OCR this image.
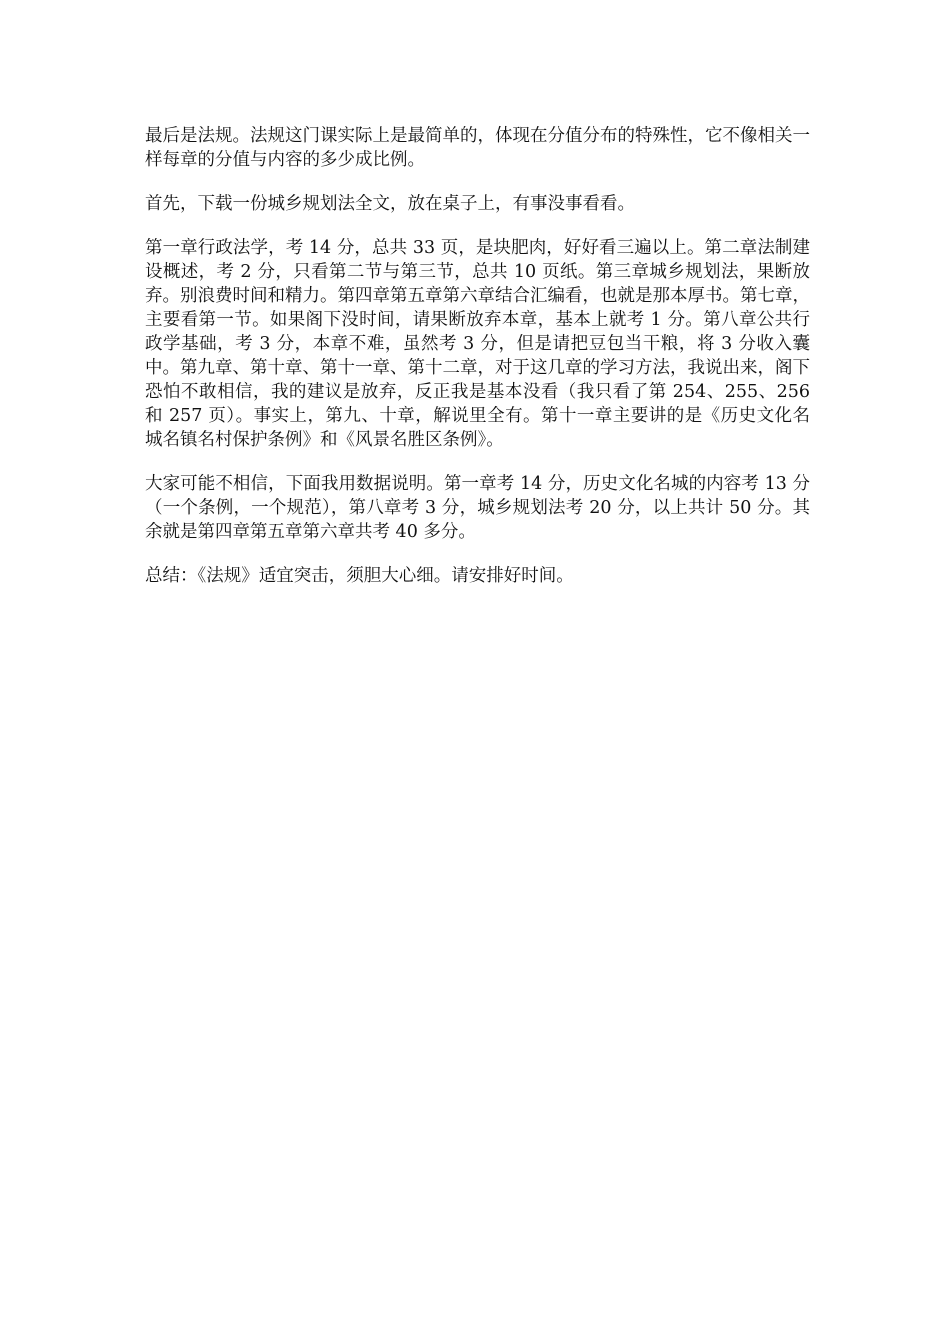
最后是法规。法规这门课实际上是最简单的，体现在分值分布的特殊性，它不像相关一样每章的分值与内容的多少成比例。

首先，下载一份城乡规划法全文，放在桌子上，有事没事看看。

第一章行政法学，考 14 分，总共 33 页，是块肥肉，好好看三遍以上。第二章法制建设概述，考 2 分，只看第二节与第三节，总共 10 页纸。第三章城乡规划法，果断放弃。别浪费时间和精力。第四章第五章第六章结合汇编看，也就是那本厚书。第七章，主要看第一节。如果阁下没时间，请果断放弃本章，基本上就考 1 分。第八章公共行政学基础，考 3 分，本章不难，虽然考 3 分，但是请把豆包当干粮，将 3 分收入囊中。第九章、第十章、第十一章、第十二章，对于这几章的学习方法，我说出来，阁下恐怕不敢相信，我的建议是放弃，反正我是基本没看（我只看了第 254、255、256 和 257 页）。事实上，第九、十章，解说里全有。第十一章主要讲的是《历史文化名城名镇名村保护条例》和《风景名胜区条例》。

大家可能不相信，下面我用数据说明。第一章考 14 分，历史文化名城的内容考 13 分（一个条例，一个规范），第八章考 3 分，城乡规划法考 20 分，以上共计 50 分。其余就是第四章第五章第六章共考 40 多分。

总结：《法规》适宜突击，须胆大心细。请安排好时间。
